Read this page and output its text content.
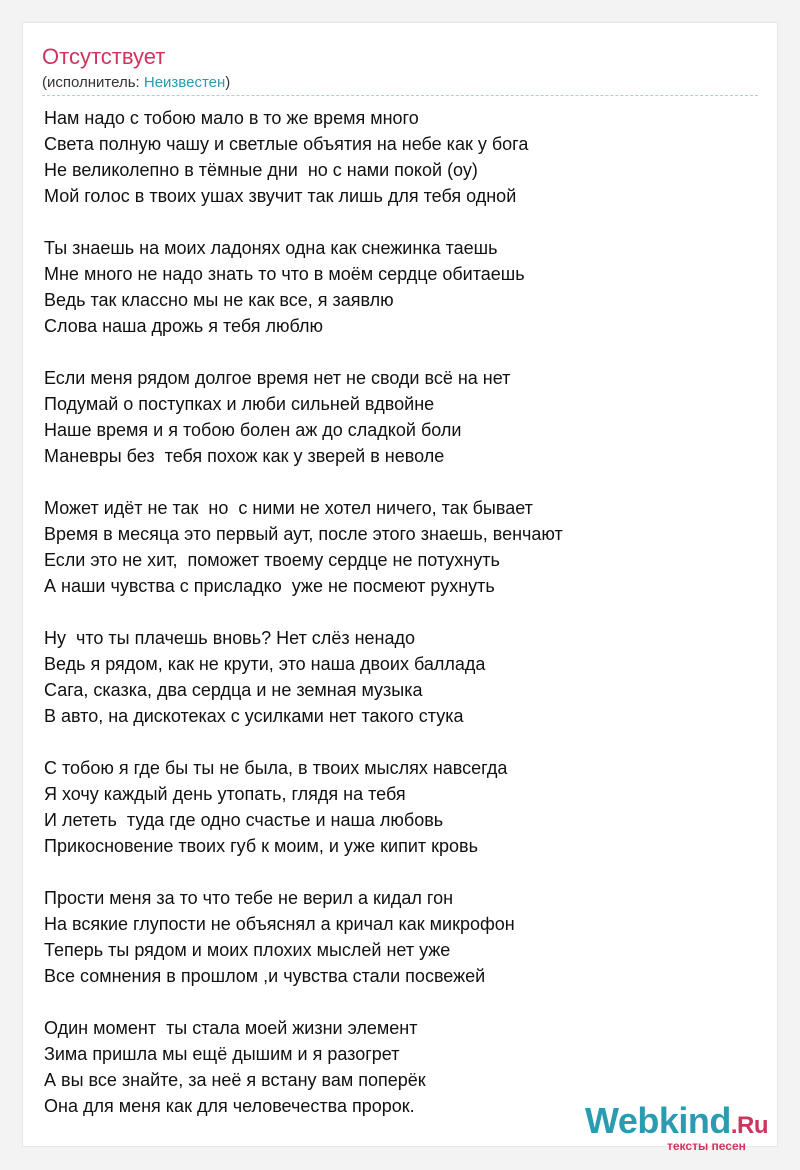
Отсутствует
(исполнитель: Неизвестен)
Нам надо с тобою мало в то же время много
Света полную чашу и светлые объятия на небе как у бога
Не великолепно в тёмные дни  но с нами покой (оу)
Мой голос в твоих ушах звучит так лишь для тебя одной
Ты знаешь на моих ладонях одна как снежинка таешь
Мне много не надо знать то что в моём сердце обитаешь
Ведь так классно мы не как все, я заявлю
Слова наша дрожь я тебя люблю
Если меня рядом долгое время нет не своди всё на нет
Подумай о поступках и люби сильней вдвойне
Наше время и я тобою болен аж до сладкой боли
Маневры без  тебя похож как у зверей в неволе
Может идёт не так  но  с ними не хотел ничего, так бывает
Время в месяца это первый аут, после этого знаешь, венчают
Если это не хит,  поможет твоему сердце не потухнуть
А наши чувства с присладко  уже не посмеют рухнуть
Ну  что ты плачешь вновь? Нет слёз ненадо
Ведь я рядом, как не крути, это наша двоих баллада
Сага, сказка, два сердца и не земная музыка
В авто, на дискотеках с усилками нет такого стука
С тобою я где бы ты не была, в твоих мыслях навсегда
Я хочу каждый день утопать, глядя на тебя
И лететь  туда где одно счастье и наша любовь
Прикосновение твоих губ к моим, и уже кипит кровь
Прости меня за то что тебе не верил а кидал гон
На всякие глупости не объяснял а кричал как микрофон
Теперь ты рядом и моих плохих мыслей нет уже
Все сомнения в прошлом ,и чувства стали посвежей
Один момент  ты стала моей жизни элемент
Зима пришла мы ещё дышим и я разогрет
А вы все знайте, за неё я встану вам поперёк
Она для меня как для человечества пророк.	Webkind.Ru
тексты песен
